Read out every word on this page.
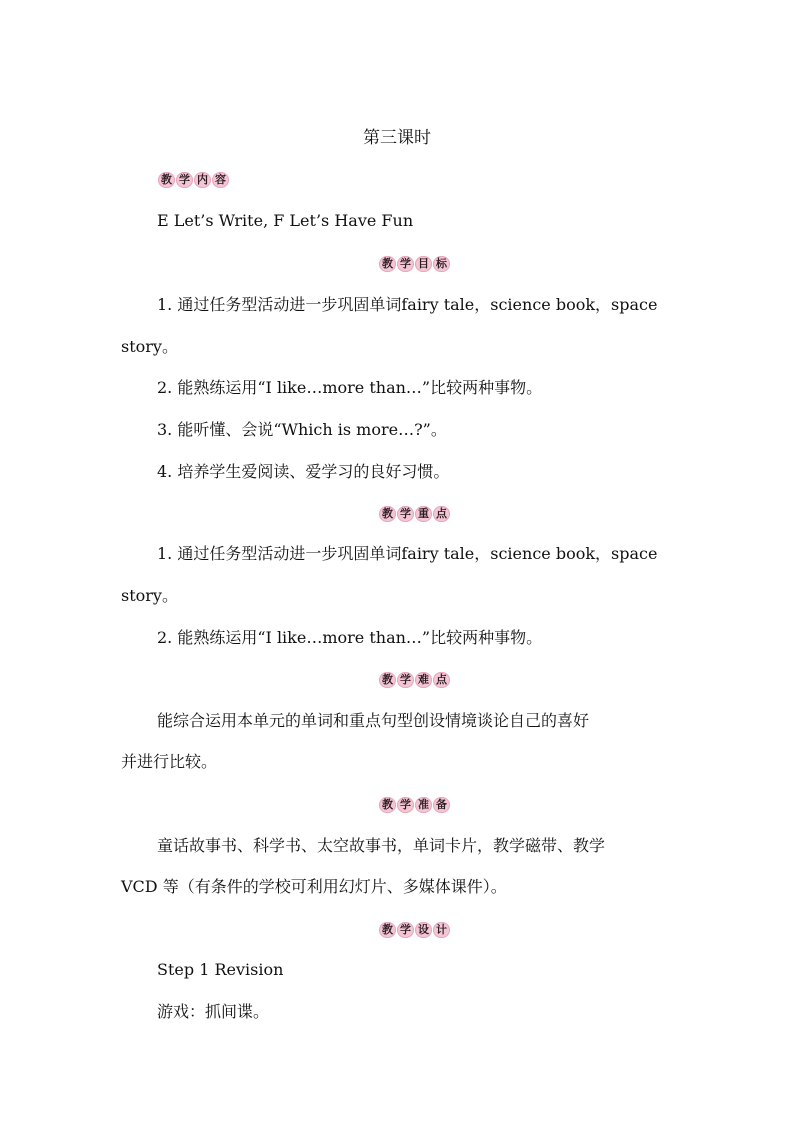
第三课时
教 学 内 容
E Let’s Write, F Let’s Have Fun
教 学 目 标
1. 通过任务型活动进一步巩固单词fairy tale，science book，space
story。
2. 能熟练运用“I like…more than…”比较两种事物。
3. 能听懂、会说“Which is more…?”。
4. 培养学生爱阅读、爱学习的良好习惯。
教 学 重 点
1. 通过任务型活动进一步巩固单词fairy tale，science book，space
story。
2. 能熟练运用“I like…more than…”比较两种事物。
教 学 难 点
能综合运用本单元的单词和重点句型创设情境谈论自己的喜好
并进行比较。
教 学 准 备
童话故事书、科学书、太空故事书，单词卡片，教学磁带、教学
VCD 等（有条件的学校可利用幻灯片、多媒体课件）。
教 学 设 计
Step 1 Revision
游戏：抓间谍。
